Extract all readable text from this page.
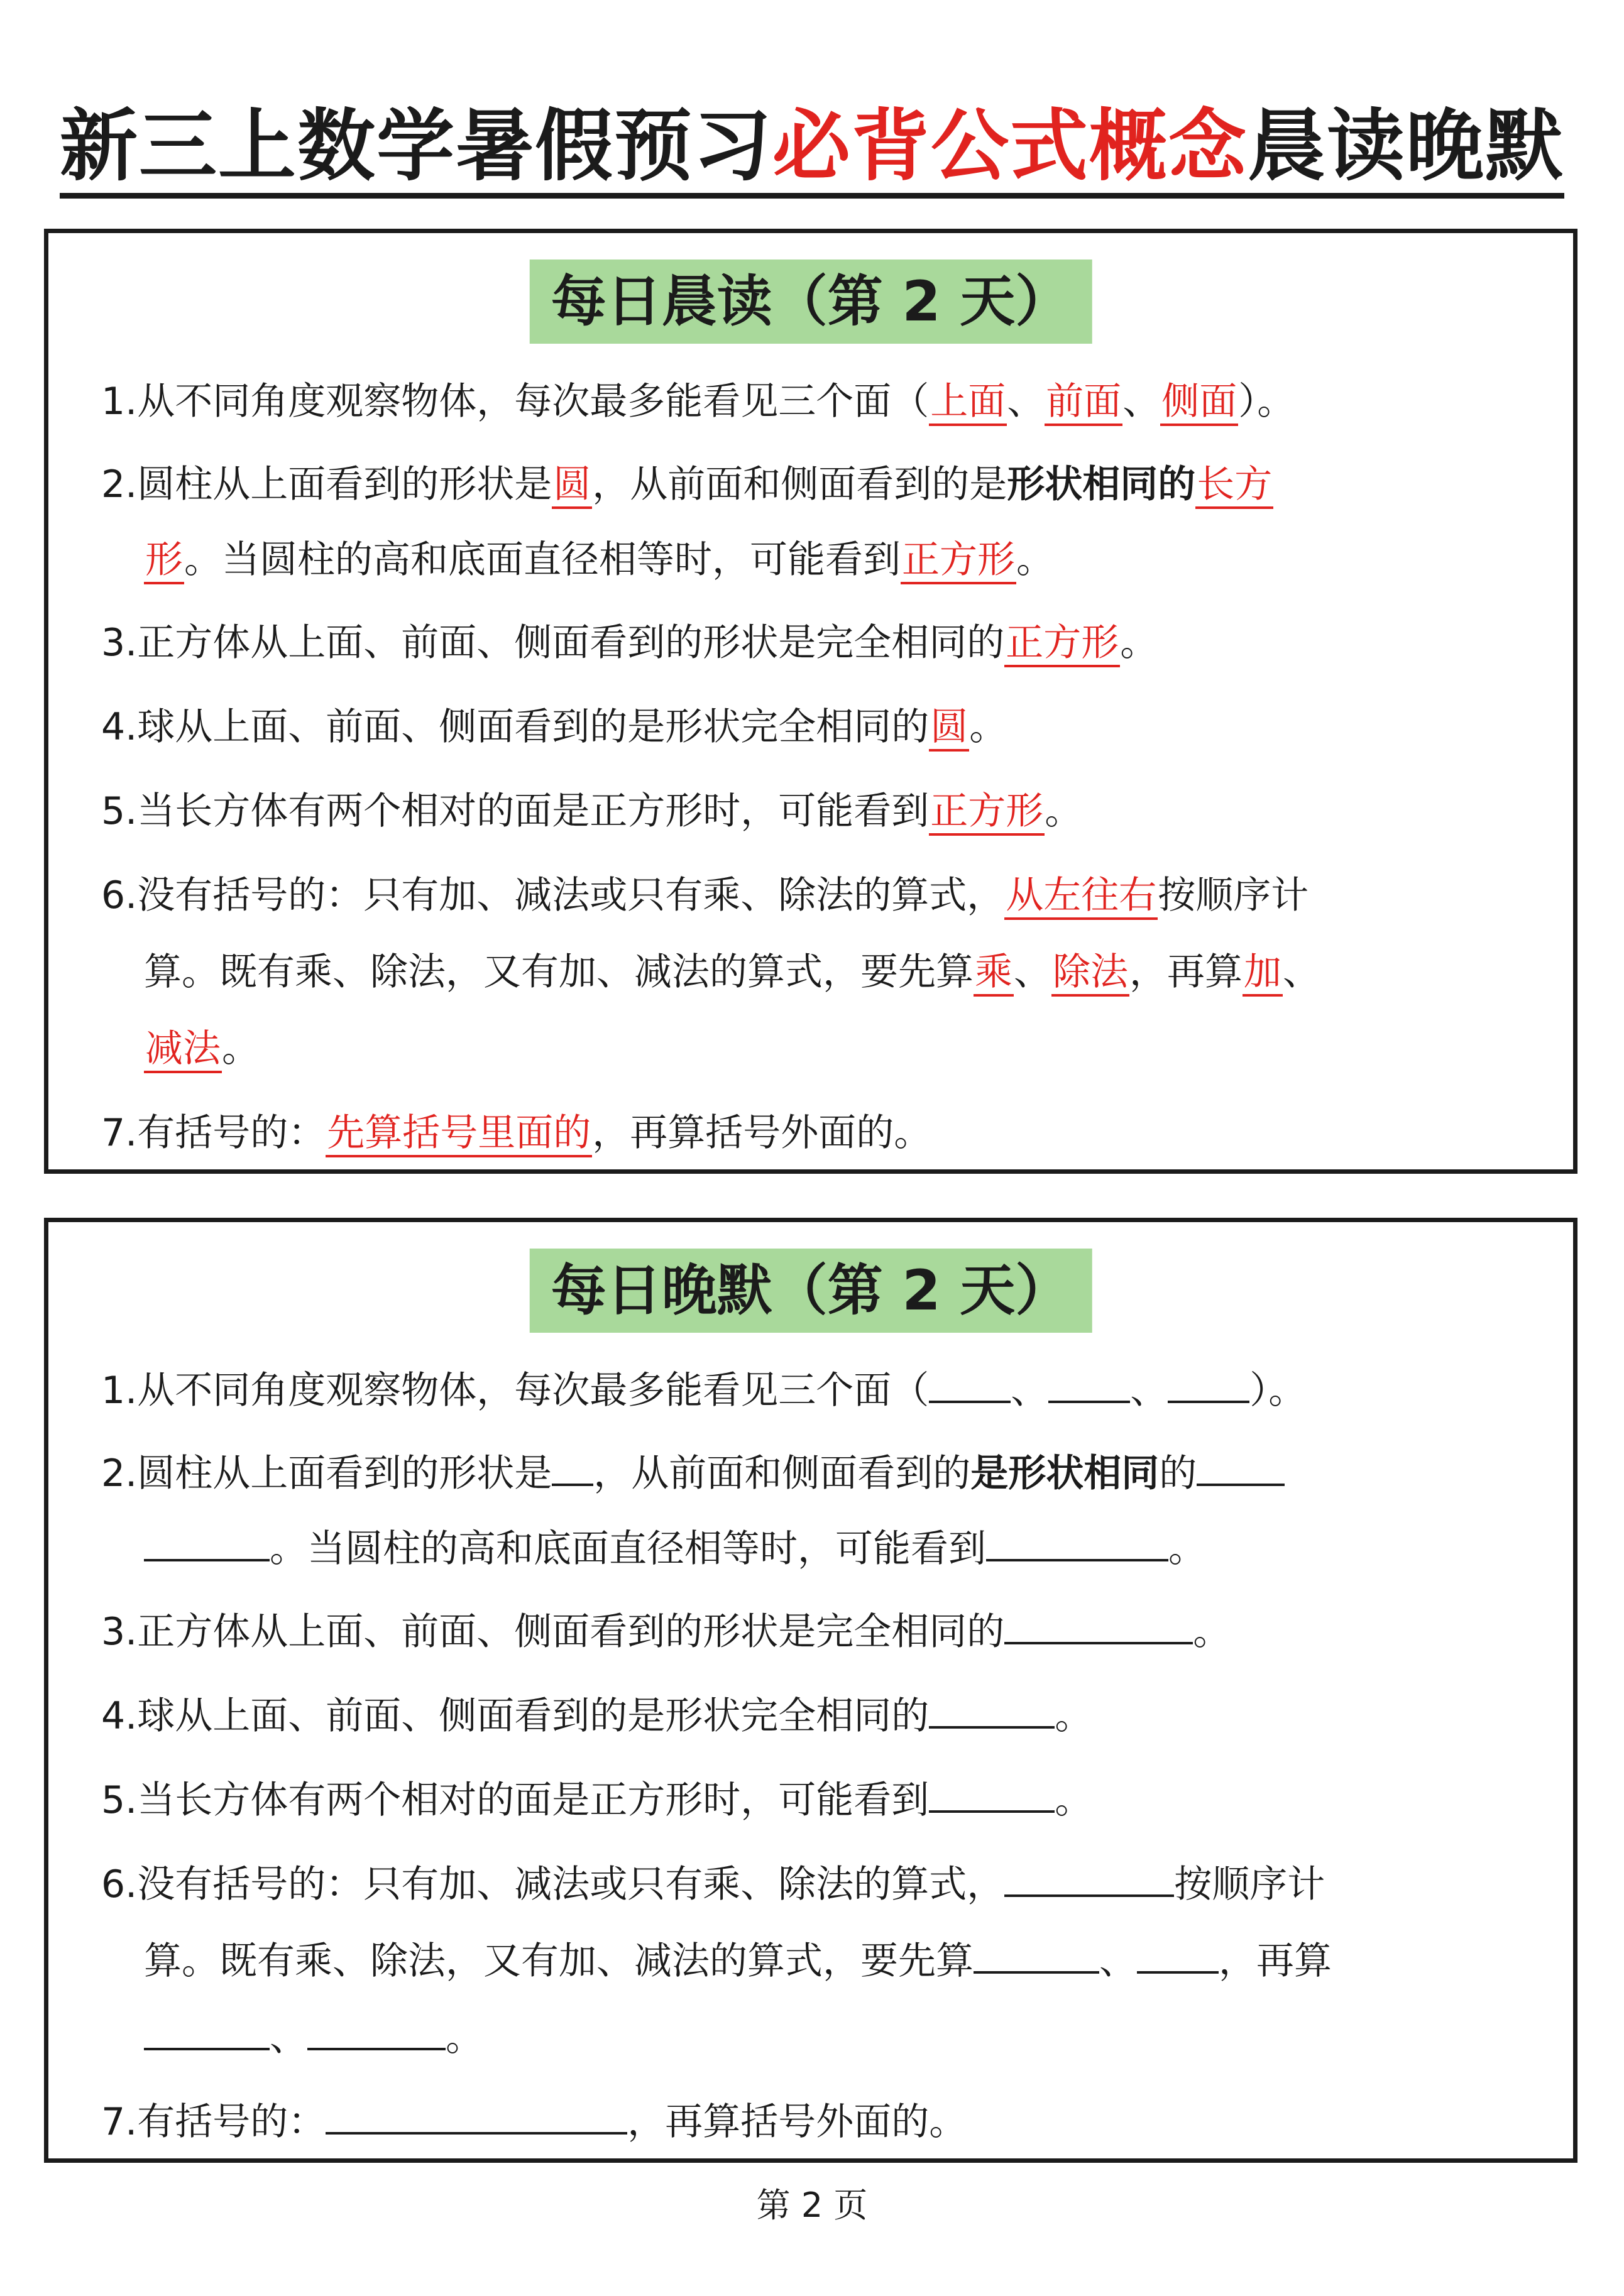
新三上数学暑假预习必背公式概念晨读晚默
每日晨读（第 2 天）
1.从不同角度观察物体，每次最多能看见三个面（上面、前面、侧面）。
2.圆柱从上面看到的形状是圆，从前面和侧面看到的是形状相同的长方
形。当圆柱的高和底面直径相等时，可能看到正方形。
3.正方体从上面、前面、侧面看到的形状是完全相同的正方形。
4.球从上面、前面、侧面看到的是形状完全相同的圆。
5.当长方体有两个相对的面是正方形时，可能看到正方形。
6.没有括号的：只有加、减法或只有乘、除法的算式，从左往右按顺序计
算。既有乘、除法，又有加、减法的算式，要先算乘、除法，再算加、
减法。
7.有括号的：先算括号里面的，再算括号外面的。
每日晚默（第 2 天）
1.从不同角度观察物体，每次最多能看见三个面（ 、 、 ）。
2.圆柱从上面看到的形状是 ，从前面和侧面看到的是形状相同的
。当圆柱的高和底面直径相等时，可能看到	。
3.正方体从上面、前面、侧面看到的形状是完全相同的	。
4.球从上面、前面、侧面看到的是形状完全相同的	。
5.当长方体有两个相对的面是正方形时，可能看到	。
6.没有括号的：只有加、减法或只有乘、除法的算式，	按顺序计
算。既有乘、除法，又有加、减法的算式，要先算	、 ，再算
、	。
7.有括号的：	，再算括号外面的。
第 2 页
